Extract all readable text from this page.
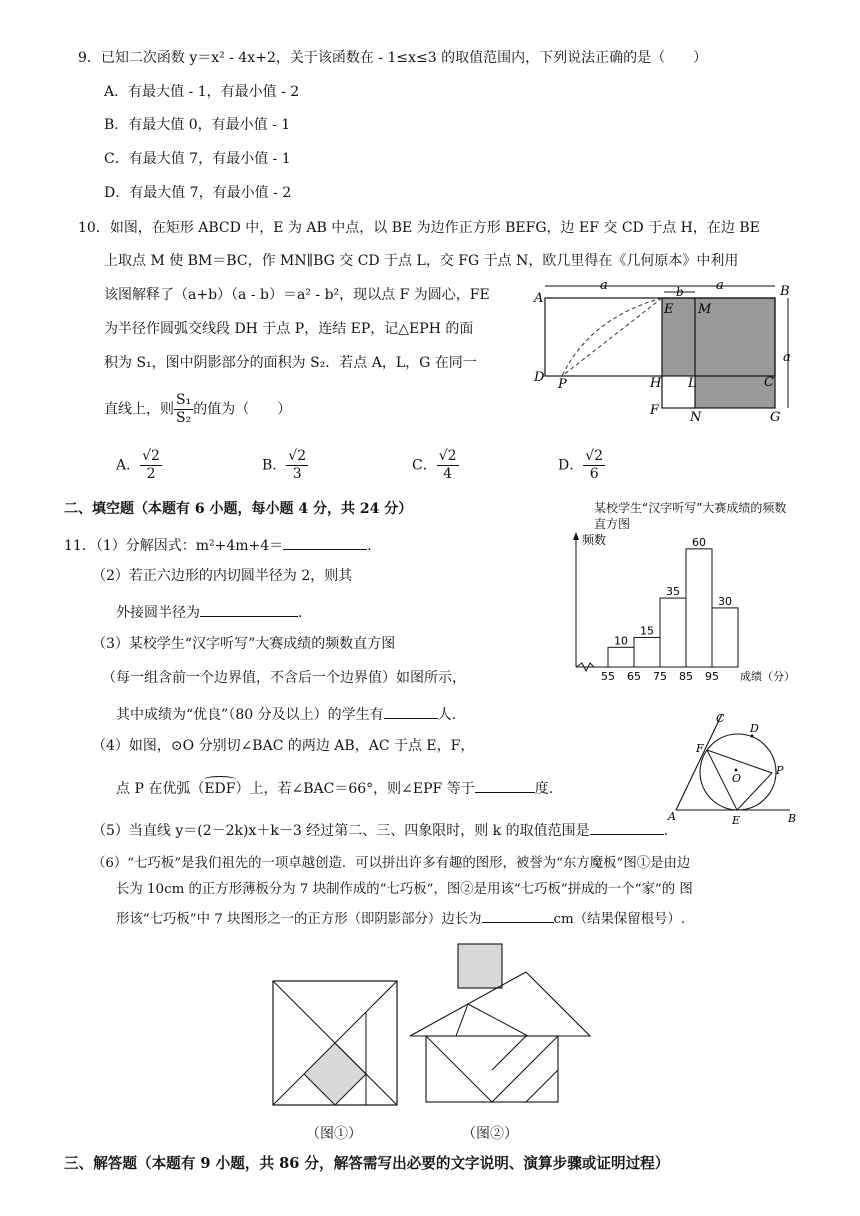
9．已知二次函数 y＝x² - 4x+2，关于该函数在 - 1≤x≤3 的取值范围内，下列说法正确的是（　　）
A．有最大值 - 1，有最小值 - 2
B．有最大值 0，有最小值 - 1
C．有最大值 7，有最小值 - 1
D．有最大值 7，有最小值 - 2
10．如图，在矩形 ABCD 中，E 为 AB 中点，以 BE 为边作正方形 BEFG，边 EF 交 CD 于点 H，在边 BE
上取点 M 使 BM＝BC，作 MN∥BG 交 CD 于点 L，交 FG 于点 N，欧几里得在《几何原本》中利用
该图解释了（a+b）（a - b）＝a² - b²，现以点 F 为圆心，FE
为半径作圆弧交线段 DH 于点 P，连结 EP，记△EPH 的面
积为 S₁，图中阴影部分的面积为 S₂．若点 A，L，G 在同一
直线上，则 $\frac{\text{S₁}}{\text{S₂}}$ 的值为（　　）
A． $\frac{√2}{2}$	B． $\frac{√2}{3}$	C． $\frac{√2}{4}$	D． $\frac{√2}{6}$
a	a
b
a
A	B
C
D
E M
H L
F N	G
P
二、填空题（本题有 6 小题，每小题 4 分，共 24 分）
11．（1）分解因式：m²+4m+4＝	.
（2）若正六边形的内切圆半径为 2，则其
外接圆半径为	.
（3）某校学生“汉字听写”大赛成绩的频数直方图
（每一组含前一个边界值，不含后一个边界值）如图所示，
其中成绩为“优良”（80 分及以上）的学生有	人.
（4）如图，⊙O 分别切∠BAC 的两边 AB，AC 于点 E，F，
点 P 在优弧（
EDF）上，若∠BAC＝66°，则∠EPF 等于	度.
（5）当直线 y＝(2－2k)x＋k－3 经过第二、三、四象限时，则 k 的取值范围是	.
（6）“七巧板”是我们祖先的一项卓越创造．可以拼出许多有趣的图形，被誉为“东方魔板”图①是由边
长为 10cm 的正方形薄板分为 7 块制作成的“七巧板”，图②是用该“七巧板”拼成的一个“家”的 图
形该“七巧板”中 7 块图形之一的正方形（即阴影部分）边长为	cm（结果保留根号）.
某校学生“汉字听写”大赛成绩的频数直方图
频数
成绩（分）
10
15
35
60
30
55 65 75 85 95
A	B
C
D
E
F
O
P
（图①）	（图②）
三、解答题（本题有 9 小题，共 86 分，解答需写出必要的文字说明、演算步骤或证明过程）
